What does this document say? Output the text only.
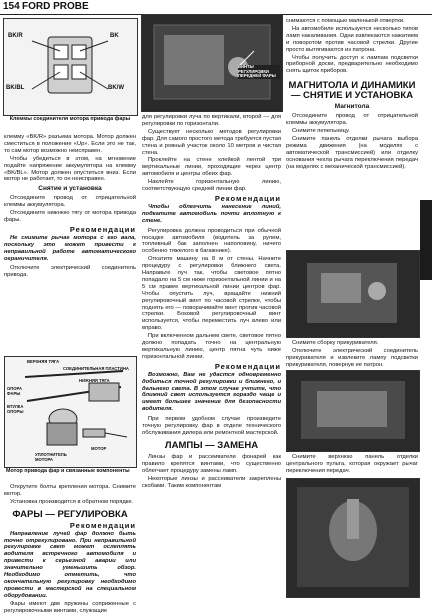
154 FORD PROBE
BK/R	BK
BK/BL	BK/W
Клеммы соединителя мотора привода фары

клемму «BK/R» разъема мотора. Мотор должен сместиться в положение «Up». Если это не так, то сам мотор возможно неисправен.

Чтобы убедиться в этом, на мгновение подайте напряжение аккумулятора на клемму «BK/BL». Мотор должен опуститься вниз. Если мотор не работает, то он неисправен.

Снятие и установка

Отсоедините провод от отрицательной клеммы аккумулятора.

Отсоедините нижнюю тягу от мотора привода фары.

Рекомендации

Не снимите рычаг мотора с его вала, поскольку это может привести к неправильной работе автоматического ограничителя.

Отключите электрический соединитель привода.

ВЕРХНЯЯ ТЯГА
СОЕДИНИТЕЛЬНАЯ ПЛАСТИНА
НИЖНЯЯ ТЯГА
ОПОРА ФАРЫ
ВТУЛКА ОПОРЫ
МОТОР
УПЛОТНИТЕЛЬ МОТОРА
Мотор привода фар и связанные компоненты

Открутите болты крепления мотора. Снимите мотор.

Установка производится в обратном порядке.

ФАРЫ — РЕГУЛИРОВКА
Рекомендации

Направление лучей фар должно быть точно отрегулировано. При неправильной регулировке свет может ослеплять водителя встречного автомобиля и привести к серьезной аварии или значительно уменьшить обзор. Необходимо отметить, что окончательную регулировку необходимо провести в мастерской на специальном оборудовании.

Фары имеют две пружины соприженные с регулировочными винтами, служащие

ВИНТЫ РЕГУЛИРОВКИ ПЕРЕДНЕЙ ФАРЫ

для регулировки луча по вертикали, второй — для регулировки по горизонтали.

Существует несколько методов регулировки фар. Для самого простого метода требуется пустая стена и ровный участок около 10 метров и чистая стена.

Проклейте на стене клейкой лентой три вертикальные линии, проходящие через центр автомобиля и центры обеих фар.

Наклейте горизонтальную линию, соответствующую средней линии фар.

Рекомендации

Чтобы облегчить нанесение линий, подкатите автомобиль почти вплотную к стене.

Регулировка должна проводиться при обычной посадке автомобиля (водитель за рулем, топливный бак заполнен наполовину, ничего особенно тяжелого в багажнике).

Откатите машину на 8 м от стены. Начните процедуру с регулировки ближнего света. Направьте луч так, чтобы световое пятно попадало на 5 см ниже горизонтальной линии и на 5 см правее вертикальной линии центров фар. Чтобы опустить луч, вращайте нижний регулировочный винт по часовой стрелке, чтобы поднять его — поворачивайте винт против часовой стрелки. Боковой регулировочный винт используется, чтобы переместить луч влево или вправо.

При включенном дальнем свете, световое пятно должно попадать точно на центральную вертикальную линию, центр пятна чуть ниже горизонтальной линии.

Рекомендации

Возможно, Вам не удастся одновременно добиться точной регулировки и ближнего, и дальнего света. В этом случае учтите, что ближний свет используется гораздо чаще и имеет большее значение для безопасности водителя.

При первом удобном случае произведите точную регулировку фар в отделе технического обслуживания дилера или ремонтной мастерской.

ЛАМПЫ — ЗАМЕНА

Линзы фар и рассеиватели фонарей как правило крепятся винтами, что существенно облегчает процедуру замены ламп.

Некоторые линзы и рассеиватели закреплены скобами. Таким компонентам

снимаются с помощью маленькой отвертки.

На автомобиле используется несколько типов ламп накаливания. Одни извлекаются нажатием и поворотом против часовой стрелки. Другие просто вытягиваются из патрона.

Чтобы получить доступ к лампам подсветки приборной доски, предварительно необходимо снять щиток приборов.

МАГНИТОЛА И ДИНАМИКИ — СНЯТИЕ И УСТАНОВКА
Магнитола

Отсоедините провод от отрицательной клеммы аккумулятора.

Снимите пепельницу.

Снимите панель отделки рычага выбора режима движения (на моделях с автоматической трансмиссией) или отделку основания чехла рычага переключения передач (на моделях с механической трансмиссией).

Снимите сборку прикуривателя.

Отключите электрический соединитель прикуривателя и извлеките лампу подсветки прикуривателя, повернув ее патрон.

Снимите верхнюю панель отделки центрального пульта, которая окружает рычаг переключения передач.
